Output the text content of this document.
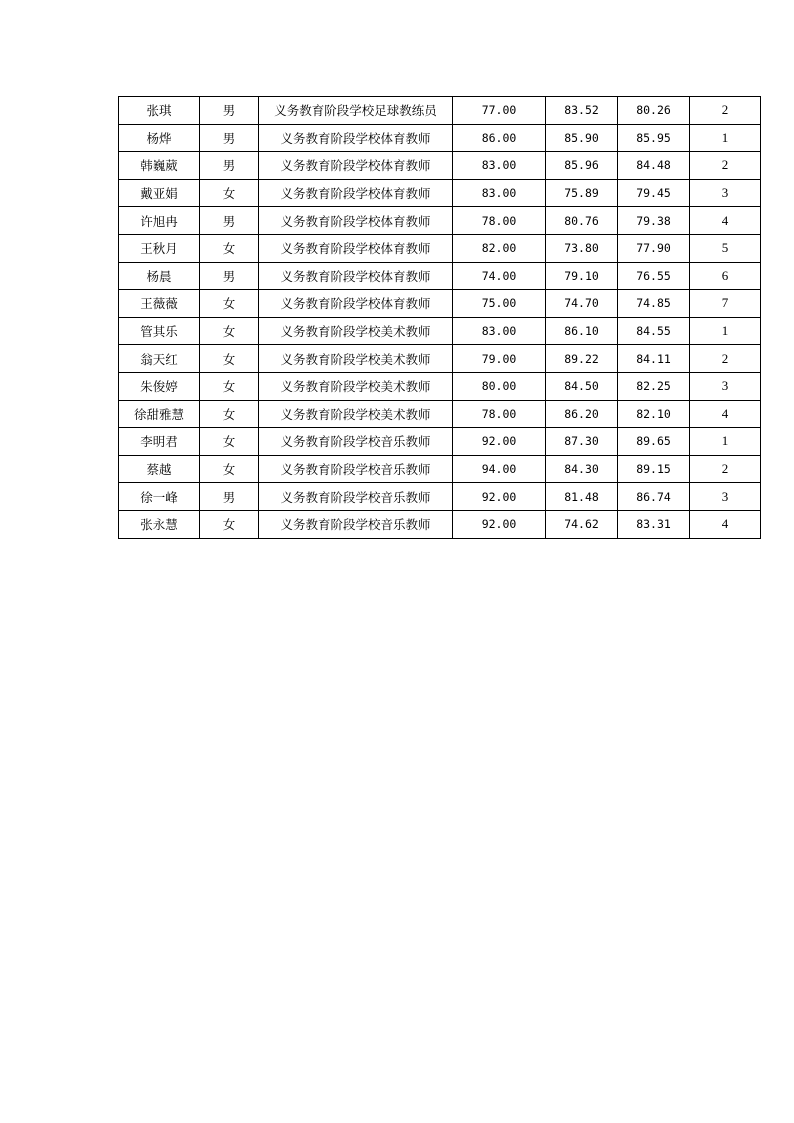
张琪	男	义务教育阶段学校足球教练员	77.00	83.52	80.26	2
杨烨	男	义务教育阶段学校体育教师	86.00	85.90	85.95	1
韩巍葳	男	义务教育阶段学校体育教师	83.00	85.96	84.48	2
戴亚娟	女	义务教育阶段学校体育教师	83.00	75.89	79.45	3
许旭冉	男	义务教育阶段学校体育教师	78.00	80.76	79.38	4
王秋月	女	义务教育阶段学校体育教师	82.00	73.80	77.90	5
杨晨	男	义务教育阶段学校体育教师	74.00	79.10	76.55	6
王薇薇	女	义务教育阶段学校体育教师	75.00	74.70	74.85	7
管其乐	女	义务教育阶段学校美术教师	83.00	86.10	84.55	1
翁天红	女	义务教育阶段学校美术教师	79.00	89.22	84.11	2
朱俊婷	女	义务教育阶段学校美术教师	80.00	84.50	82.25	3
徐甜雅慧	女	义务教育阶段学校美术教师	78.00	86.20	82.10	4
李明君	女	义务教育阶段学校音乐教师	92.00	87.30	89.65	1
蔡越	女	义务教育阶段学校音乐教师	94.00	84.30	89.15	2
徐一峰	男	义务教育阶段学校音乐教师	92.00	81.48	86.74	3
张永慧	女	义务教育阶段学校音乐教师	92.00	74.62	83.31	4
